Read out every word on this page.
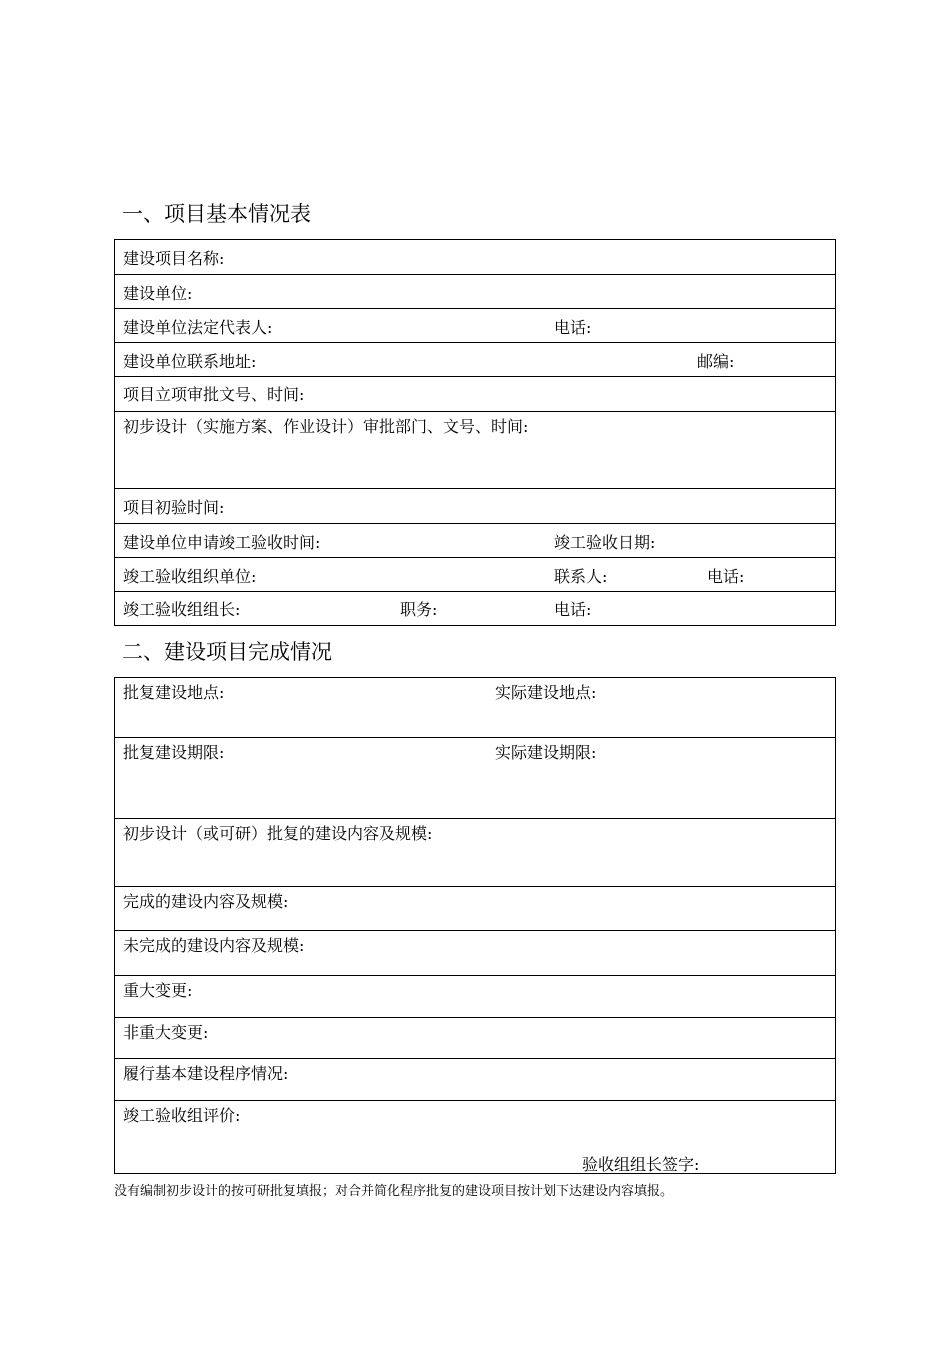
一、项目基本情况表
建设项目名称:
建设单位:
建设单位法定代表人:	电话:
建设单位联系地址:	邮编:
项目立项审批文号、时间:
初步设计（实施方案、作业设计）审批部门、文号、时间:
项目初验时间:
建设单位申请竣工验收时间:	竣工验收日期:
竣工验收组织单位:	联系人:	电话:
竣工验收组组长:	职务:	电话:
二、建设项目完成情况
批复建设地点:	实际建设地点:
批复建设期限:	实际建设期限:
初步设计（或可研）批复的建设内容及规模:
完成的建设内容及规模:
未完成的建设内容及规模:
重大变更:
非重大变更:
履行基本建设程序情况:
竣工验收组评价:
验收组组长签字:
没有编制初步设计的按可研批复填报；对合并简化程序批复的建设项目按计划下达建设内容填报。
